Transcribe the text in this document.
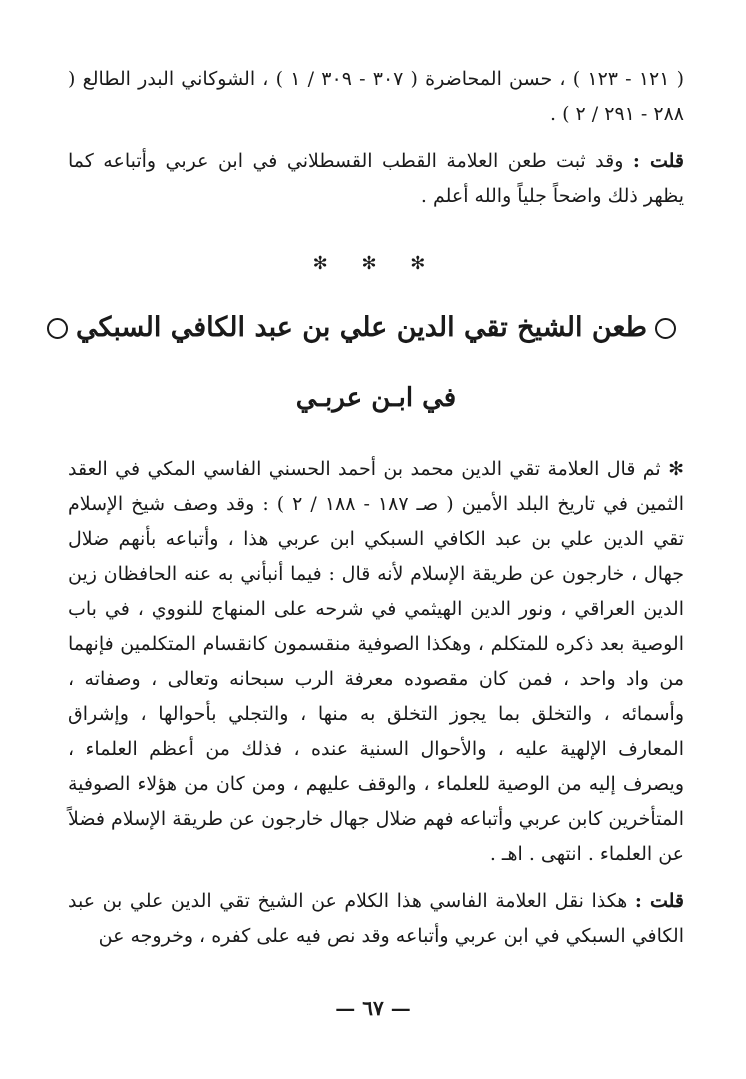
( ١٢١ - ١٢٣ ) ، حسن المحاضرة ( ٣٠٧ - ٣٠٩ / ١ ) ، الشوكاني البدر الطالع ( ٢٨٨ - ٢٩١ / ٢ ) .

قلت : وقد ثبت طعن العلامة القطب القسطلاني في ابن عربي وأتباعه كما يظهر ذلك واضحاً جلياً والله أعلم .

✻ ✻ ✻
طعن الشيخ تقي الدين علي بن عبد الكافي السبكي
في ابـن عربـي

✻ ثم قال العلامة تقي الدين محمد بن أحمد الحسني الفاسي المكي في العقد الثمين في تاريخ البلد الأمين ( صـ ١٨٧ - ١٨٨ / ٢ ) : وقد وصف شيخ الإسلام تقي الدين علي بن عبد الكافي السبكي ابن عربي هذا ، وأتباعه بأنهم ضلال جهال ، خارجون عن طريقة الإسلام لأنه قال : فيما أنبأني به عنه الحافظان زين الدين العراقي ، ونور الدين الهيثمي في شرحه على المنهاج للنووي ، في باب الوصية بعد ذكره للمتكلم ، وهكذا الصوفية منقسمون كانقسام المتكلمين فإنهما من واد واحد ، فمن كان مقصوده معرفة الرب سبحانه وتعالى ، وصفاته ، وأسمائه ، والتخلق بما يجوز التخلق به منها ، والتجلي بأحوالها ، وإشراق المعارف الإلهية عليه ، والأحوال السنية عنده ، فذلك من أعظم العلماء ، ويصرف إليه من الوصية للعلماء ، والوقف عليهم ، ومن كان من هؤلاء الصوفية المتأخرين كابن عربي وأتباعه فهم ضلال جهال خارجون عن طريقة الإسلام فضلاً عن العلماء . انتهى . اهـ .

قلت : هكذا نقل العلامة الفاسي هذا الكلام عن الشيخ تقي الدين علي بن عبد الكافي السبكي في ابن عربي وأتباعه وقد نص فيه على كفره ، وخروجه عن

— ٦٧ —
